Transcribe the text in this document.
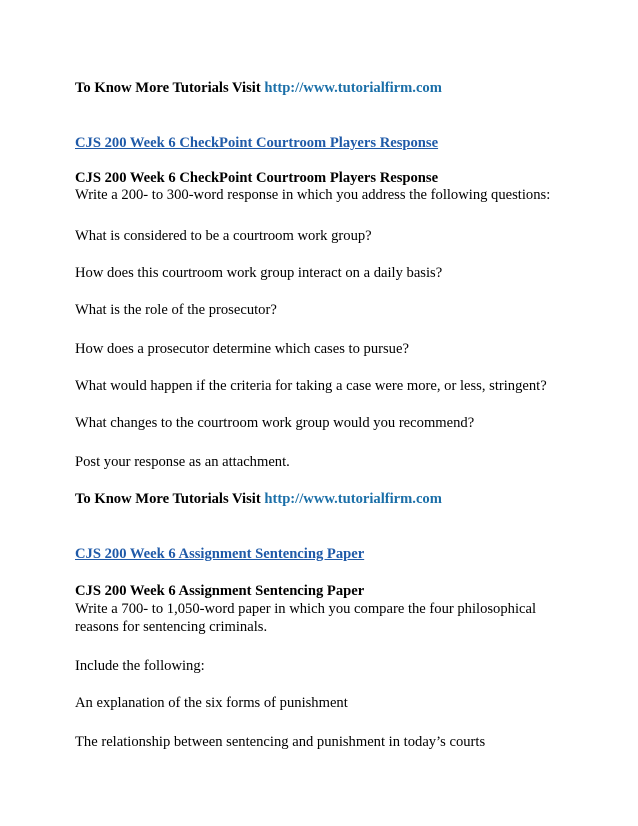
To Know More Tutorials Visit http://www.tutorialfirm.com
CJS 200 Week 6 CheckPoint Courtroom Players Response
CJS 200 Week 6 CheckPoint Courtroom Players Response
Write a 200- to 300-word response in which you address the following questions:
What is considered to be a courtroom work group?
How does this courtroom work group interact on a daily basis?
What is the role of the prosecutor?
How does a prosecutor determine which cases to pursue?
What would happen if the criteria for taking a case were more, or less, stringent?
What changes to the courtroom work group would you recommend?
Post your response as an attachment.
To Know More Tutorials Visit http://www.tutorialfirm.com
CJS 200 Week 6 Assignment Sentencing Paper
CJS 200 Week 6 Assignment Sentencing Paper
Write a 700- to 1,050-word paper in which you compare the four philosophical
reasons for sentencing criminals.
Include the following:
An explanation of the six forms of punishment
The relationship between sentencing and punishment in today’s courts
